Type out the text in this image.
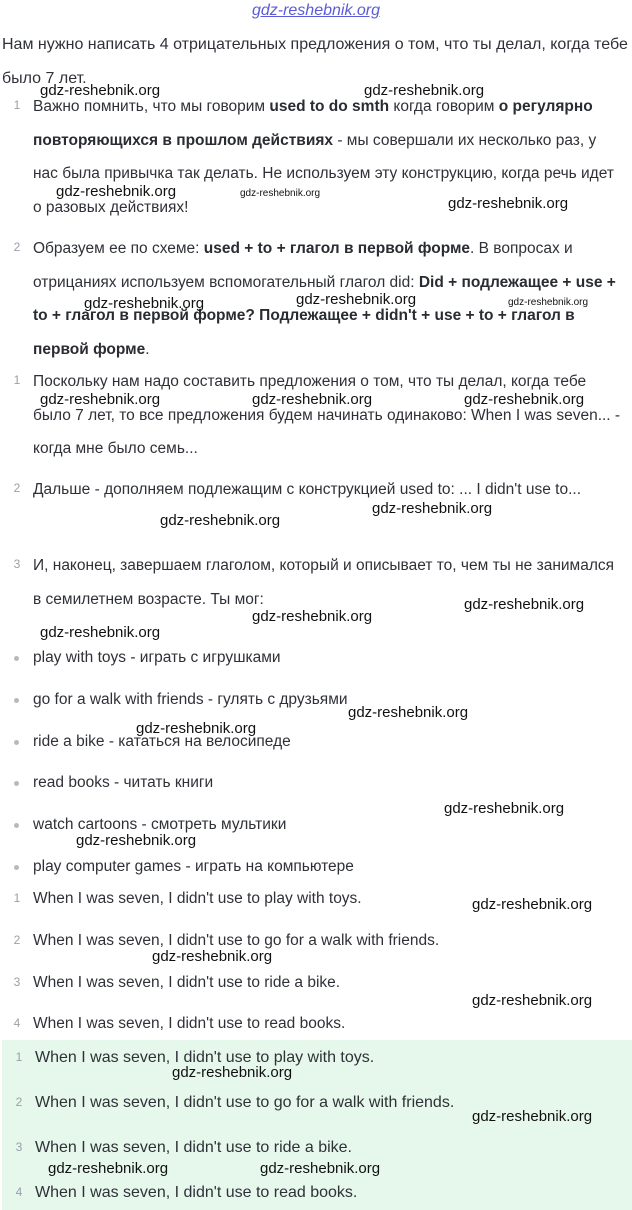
gdz-reshebnik.org
Нам нужно написать 4 отрицательных предложения о том, что ты делал, когда тебе было 7 лет.
1 Важно помнить, что мы говорим used to do smth когда говорим о регулярно повторяющихся в прошлом действиях - мы совершали их несколько раз, у нас была привычка так делать. Не используем эту конструкцию, когда речь идет о разовых действиях!
2 Образуем ее по схеме: used + to + глагол в первой форме. В вопросах и отрицаниях используем вспомогательный глагол did: Did + подлежащее + use + to + глагол в первой форме? Подлежащее + didn't + use + to + глагол в первой форме.
1 Поскольку нам надо составить предложения о том, что ты делал, когда тебе было 7 лет, то все предложения будем начинать одинаково: When I was seven... - когда мне было семь...
2 Дальше - дополняем подлежащим с конструкцией used to: ... I didn't use to...
3 И, наконец, завершаем глаголом, который и описывает то, чем ты не занимался в семилетнем возрасте. Ты мог:
play with toys - играть с игрушками
go for a walk with friends - гулять с друзьями
ride a bike - кататься на велосипеде
read books - читать книги
watch cartoons - смотреть мультики
play computer games - играть на компьютере
1 When I was seven, I didn't use to play with toys.
2 When I was seven, I didn't use to go for a walk with friends.
3 When I was seven, I didn't use to ride a bike.
4 When I was seven, I didn't use to read books.
1 When I was seven, I didn't use to play with toys.
2 When I was seven, I didn't use to go for a walk with friends.
3 When I was seven, I didn't use to ride a bike.
4 When I was seven, I didn't use to read books.
gdz-reshebnik.org	gdz-reshebnik.org
gdz-reshebnik.org	gdz-reshebnik.org
gdz-reshebnik.org
gdz-reshebnik.org	gdz-reshebnik.org	gdz-reshebnik.org
gdz-reshebnik.org	gdz-reshebnik.org	gdz-reshebnik.org
gdz-reshebnik.org
gdz-reshebnik.org
gdz-reshebnik.org
gdz-reshebnik.org
gdz-reshebnik.org
gdz-reshebnik.org
gdz-reshebnik.org
gdz-reshebnik.org
gdz-reshebnik.org
gdz-reshebnik.org
gdz-reshebnik.org
gdz-reshebnik.org
gdz-reshebnik.org
gdz-reshebnik.org
gdz-reshebnik.org	gdz-reshebnik.org
